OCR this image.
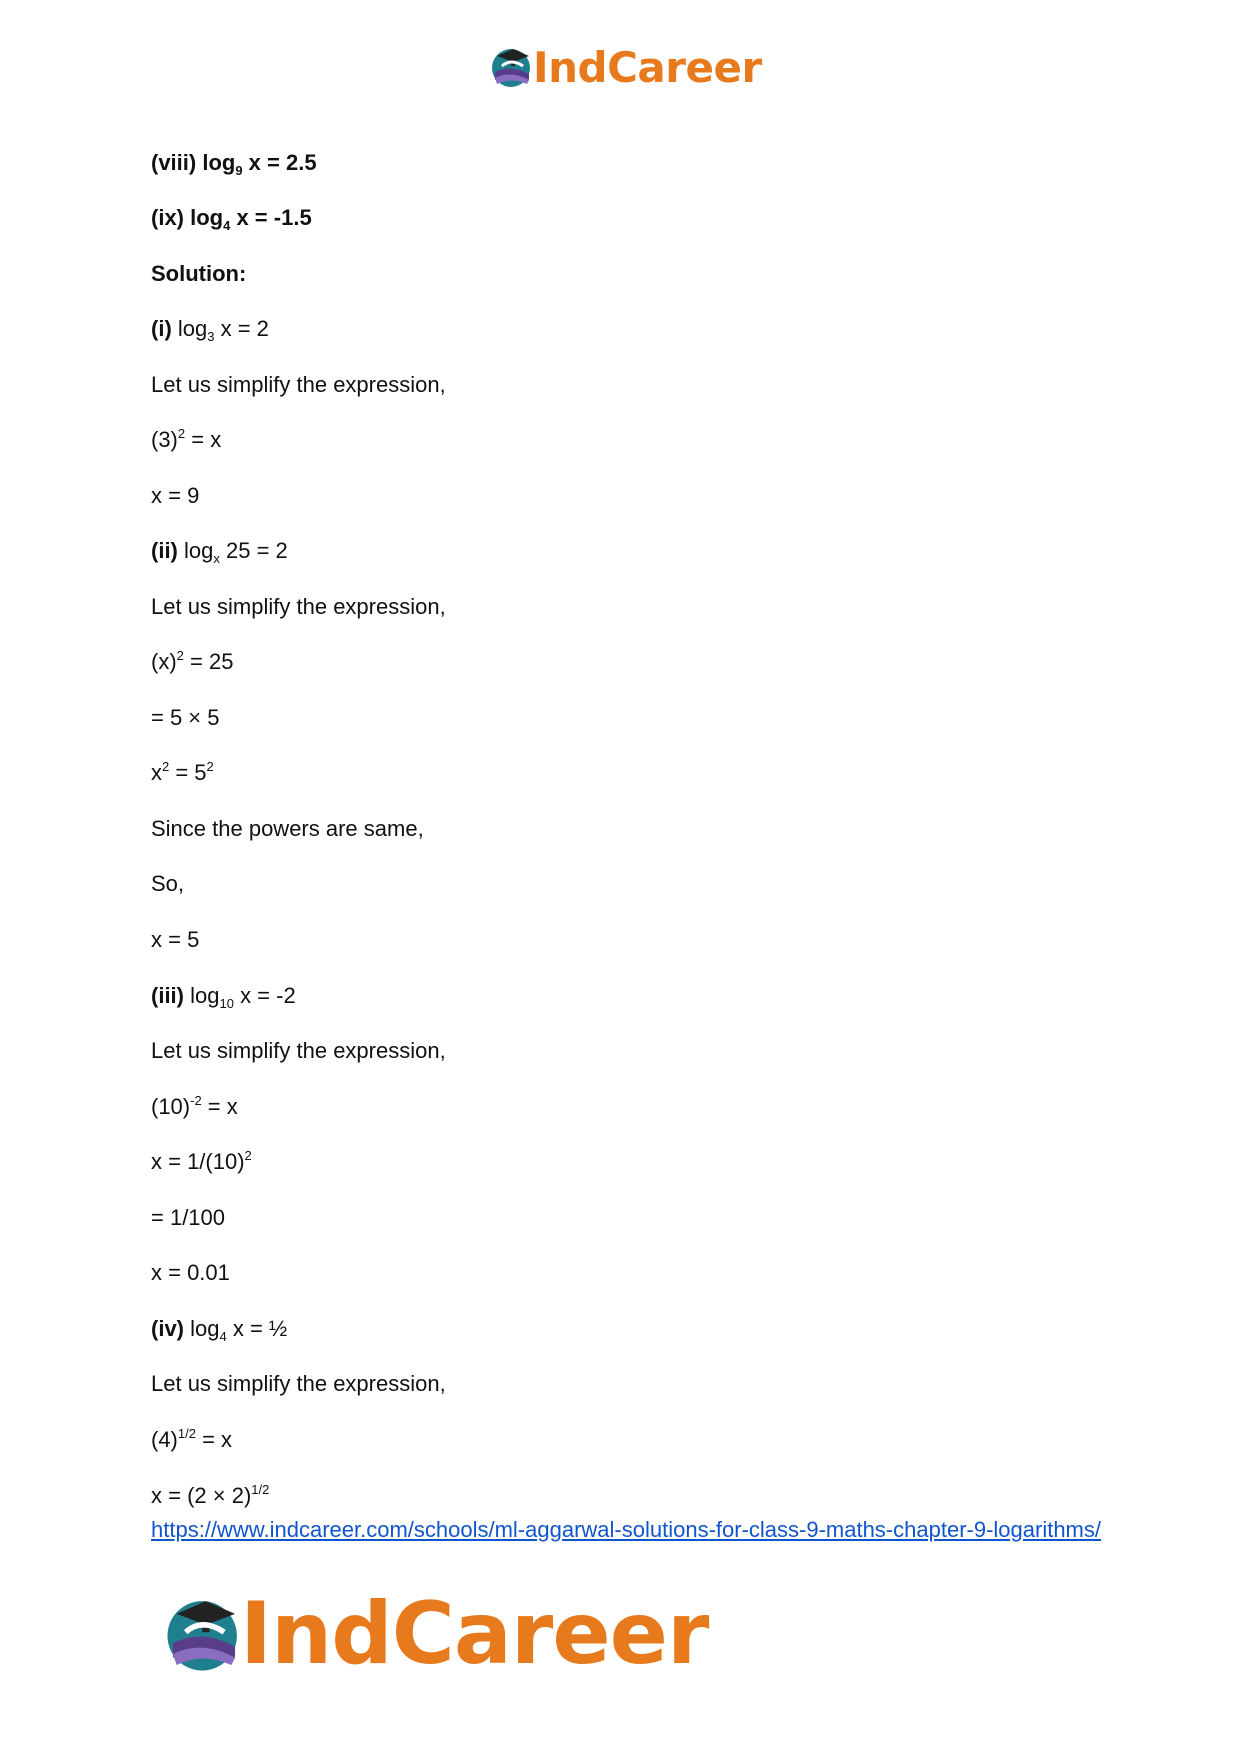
IndCareer
(viii) $\log_9 x = 2.5$
(ix) $\log_4 x = -1.5$
Solution:
(i) $\log_3 x = 2$
Let us simplify the expression,
$(3)^2 = x$
x = 9
(ii) $\log_x 25 = 2$
Let us simplify the expression,
$(x)^2 = 25$
= 5 × 5
$x^2 = 5^2$
Since the powers are same,
So,
x = 5
(iii) $\log_{10} x = -2$
Let us simplify the expression,
$(10)^{-2} = x$
$x = 1/(10)^2$
= 1/100
x = 0.01
(iv) $\log_4 x$ = ½
Let us simplify the expression,
$(4)^{1/2} = x$
$x = (2 \times 2)^{1/2}$
https://www.indcareer.com/schools/ml-aggarwal-solutions-for-class-9-maths-chapter-9-logarithms/
IndCareer
